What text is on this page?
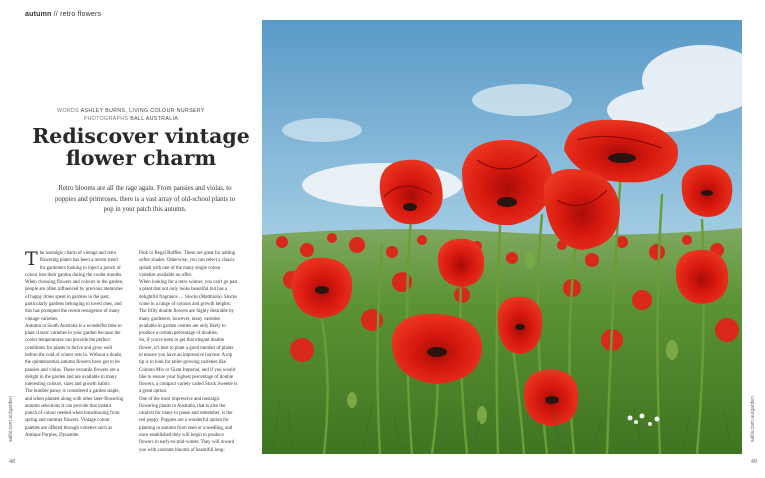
autumn // retro flowers
WORDS ASHLEY BURNS, LIVING COLOUR NURSERY
PHOTOGRAPHS BALL AUSTRALIA
Rediscover vintage
flower charm

Retro blooms are all the rage again. From pansies and violas, to poppies and primroses, there is a vast array of old-school plants to pop in your patch this autumn.

The nostalgic charm of vintage and retro flowering plants has been a recent trend for gardeners looking to inject a punch of colour into their garden during the cooler months. When choosing flowers and colours in the garden, people are often influenced by precious memories of happy times spent in gardens in the past, particularly gardens belonging to loved ones, and this has prompted the recent resurgence of many vintage varieties.

Autumn in South Australia is a wonderful time to plant classic varieties in your garden because the cooler temperatures can provide the perfect conditions for plants to thrive and grow well before the cold of winter sets in. Without a doubt, the quintessential autumn flowers have got to be pansies and violas. These versatile flowers are a delight in the garden and are available in many interesting colours, sizes and growth habits.

The humble pansy is considered a garden staple, and when planted along with other later-flowering autumn selections it can provide that instant punch of colour needed when transitioning from spring and summer flowers. Vintage colour palettes are offered through varieties such as Antique Purples, Dynamite

Pink or Regal Ruffles. These are great for adding softer shades. Otherwise, you can select a classic splash with one of the many single colour varieties available on offer.

When looking for a retro winner, you can't go past a plant that not only looks beautiful but has a delightful fragrance … Stocks (Matthiola). Stocks come in a range of colours and growth heights. The frilly double flowers are highly desirable by many gardeners, however, many varieties available in garden centres are only likely to produce a certain percentage of doubles.

So, if you're keen to get that elegant double flower, it's best to plant a good number of plants to ensure you have an impressive harvest. A top tip is to look for taller-growing varieties like Column Mix or Giant Imperial, and if you would like to ensure your highest percentage of double flowers, a compact variety called Stock Sweetie is a great option.

One of the most impressive and nostalgic flowering plants in Australia, that is also the catalyst for many to pause and remember, is the red poppy. Poppies are a wonderful option for planting in autumn from seed or a seedling, and once established they will begin to produce flowers in early-to-mid-winter. They will reward you with constant blooms of beautiful long-

sallis.com.au/garden	sallis.com.au/garden
48	49
